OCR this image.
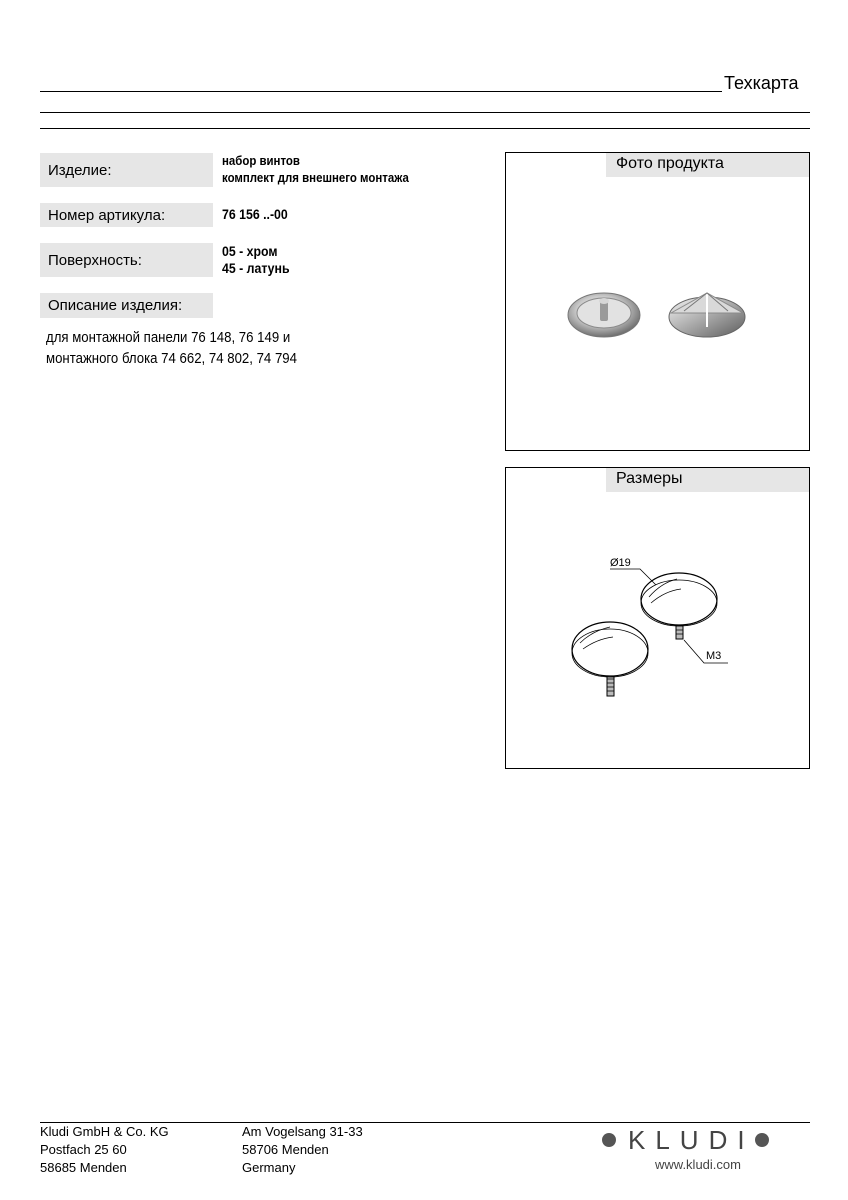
Техкарта
Изделие:
набор винтов
комплект для внешнего монтажа
Номер артикула:	76 156 ..-00
Поверхность:
05 - хром
45 - латунь
Описание изделия:
для монтажной панели 76 148, 76 149 и
монтажного блока 74 662, 74 802, 74 794
Фото продукта
Размеры
Ø19
M3
Kludi GmbH & Co. KG
Postfach 25 60
58685 Menden
Am Vogelsang 31-33
58706 Menden
Germany
KLUDI
www.kludi.com
